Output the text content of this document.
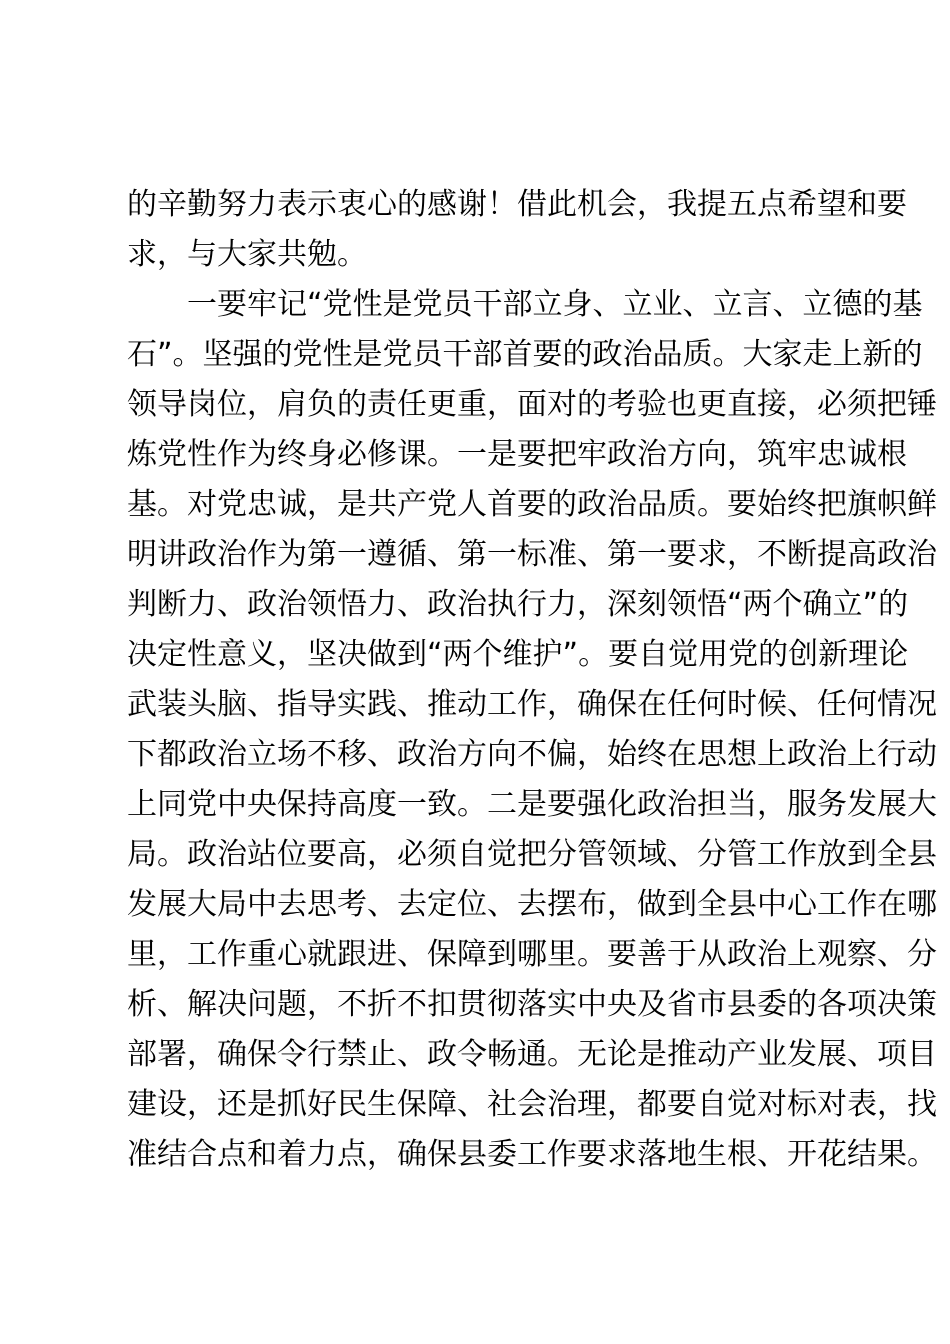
的辛勤努力表示衷心的感谢！借此机会，我提五点希望和要
求，与大家共勉。
　　一要牢记“党性是党员干部立身、立业、立言、立德的基
石”。坚强的党性是党员干部首要的政治品质。大家走上新的
领导岗位，肩负的责任更重，面对的考验也更直接，必须把锤
炼党性作为终身必修课。一是要把牢政治方向，筑牢忠诚根
基。对党忠诚，是共产党人首要的政治品质。要始终把旗帜鲜
明讲政治作为第一遵循、第一标准、第一要求，不断提高政治
判断力、政治领悟力、政治执行力，深刻领悟“两个确立”的
决定性意义，坚决做到“两个维护”。要自觉用党的创新理论
武装头脑、指导实践、推动工作，确保在任何时候、任何情况
下都政治立场不移、政治方向不偏，始终在思想上政治上行动
上同党中央保持高度一致。二是要强化政治担当，服务发展大
局。政治站位要高，必须自觉把分管领域、分管工作放到全县
发展大局中去思考、去定位、去摆布，做到全县中心工作在哪
里，工作重心就跟进、保障到哪里。要善于从政治上观察、分
析、解决问题，不折不扣贯彻落实中央及省市县委的各项决策
部署，确保令行禁止、政令畅通。无论是推动产业发展、项目
建设，还是抓好民生保障、社会治理，都要自觉对标对表，找
准结合点和着力点，确保县委工作要求落地生根、开花结果。
